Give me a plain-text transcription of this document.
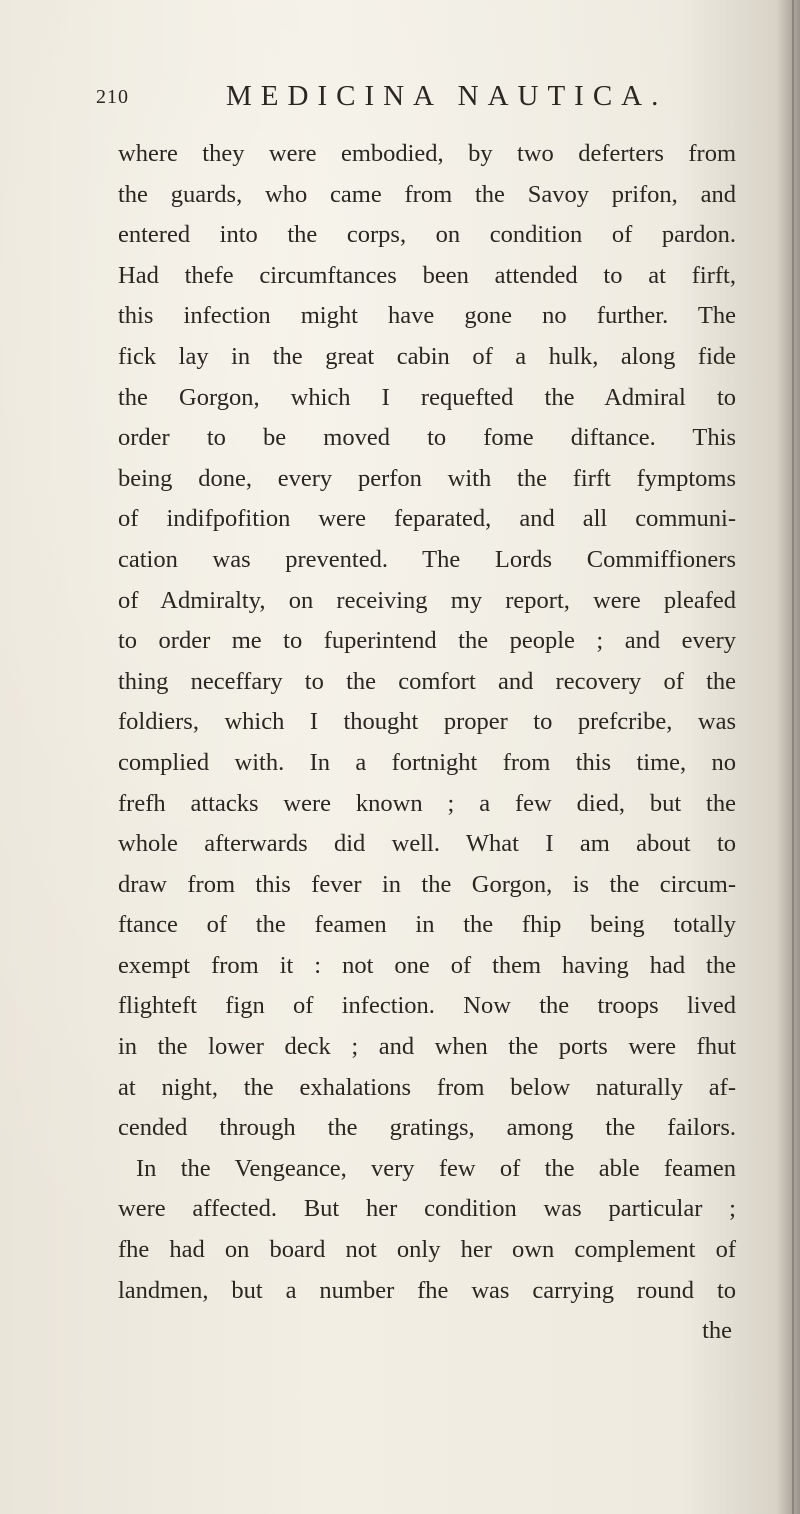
210	MEDICINA NAUTICA.
where they were embodied, by two deferters from
the guards, who came from the Savoy prifon, and
entered into the corps, on condition of pardon.
Had thefe circumftances been attended to at firft,
this infection might have gone no further. The
fick lay in the great cabin of a hulk, along fide
the Gorgon, which I requefted the Admiral to
order to be moved to fome diftance. This
being done, every perfon with the firft fymptoms
of indifpofition were feparated, and all communi-
cation was prevented. The Lords Commiffioners
of Admiralty, on receiving my report, were pleafed
to order me to fuperintend the people ; and every
thing neceffary to the comfort and recovery of the
foldiers, which I thought proper to prefcribe, was
complied with. In a fortnight from this time, no
frefh attacks were known ; a few died, but the
whole afterwards did well. What I am about to
draw from this fever in the Gorgon, is the circum-
ftance of the feamen in the fhip being totally
exempt from it : not one of them having had the
flighteft fign of infection. Now the troops lived
in the lower deck ; and when the ports were fhut
at night, the exhalations from below naturally af-
cended through the gratings, among the failors.
In the Vengeance, very few of the able feamen
were affected. But her condition was particular ;
fhe had on board not only her own complement of
landmen, but a number fhe was carrying round to
the
